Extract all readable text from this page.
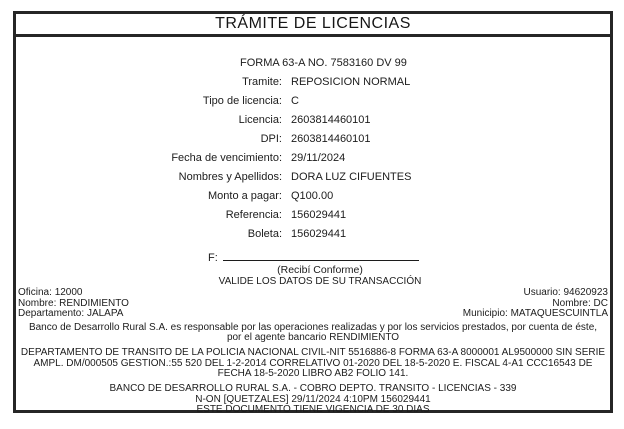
TRÁMITE DE LICENCIAS
FORMA 63-A NO. 7583160 DV 99
Tramite: REPOSICION NORMAL
Tipo de licencia: C
Licencia: 2603814460101
DPI: 2603814460101
Fecha de vencimiento: 29/11/2024
Nombres y Apellidos: DORA LUZ CIFUENTES
Monto a pagar: Q100.00
Referencia: 156029441
Boleta: 156029441
F:
(Recibí Conforme)
VALIDE LOS DATOS DE SU TRANSACCIÓN
Oficina: 12000
Nombre: RENDIMIENTO
Departamento: JALAPA
Usuario: 94620923
Nombre: DC
Municipio: MATAQUESCUINTLA

Banco de Desarrollo Rural S.A. es responsable por las operaciones realizadas y por los servicios prestados, por cuenta de éste, por el agente bancario RENDIMIENTO

DEPARTAMENTO DE TRANSITO DE LA POLICIA NACIONAL CIVIL-NIT 5516886-8 FORMA 63-A 8000001 AL9500000 SIN SERIE AMPL. DM/000505 GESTION.:55 520 DEL 1-2-2014 CORRELATIVO 01-2020 DEL 18-5-2020 E. FISCAL 4-A1 CCC16543 DE FECHA 18-5-2020 LIBRO AB2 FOLIO 141.

BANCO DE DESARROLLO RURAL S.A. - COBRO DEPTO. TRANSITO - LICENCIAS - 339

N-ON [QUETZALES] 29/11/2024 4:10PM 156029441

ESTE DOCUMENTO TIENE VIGENCIA DE 30 DIAS
